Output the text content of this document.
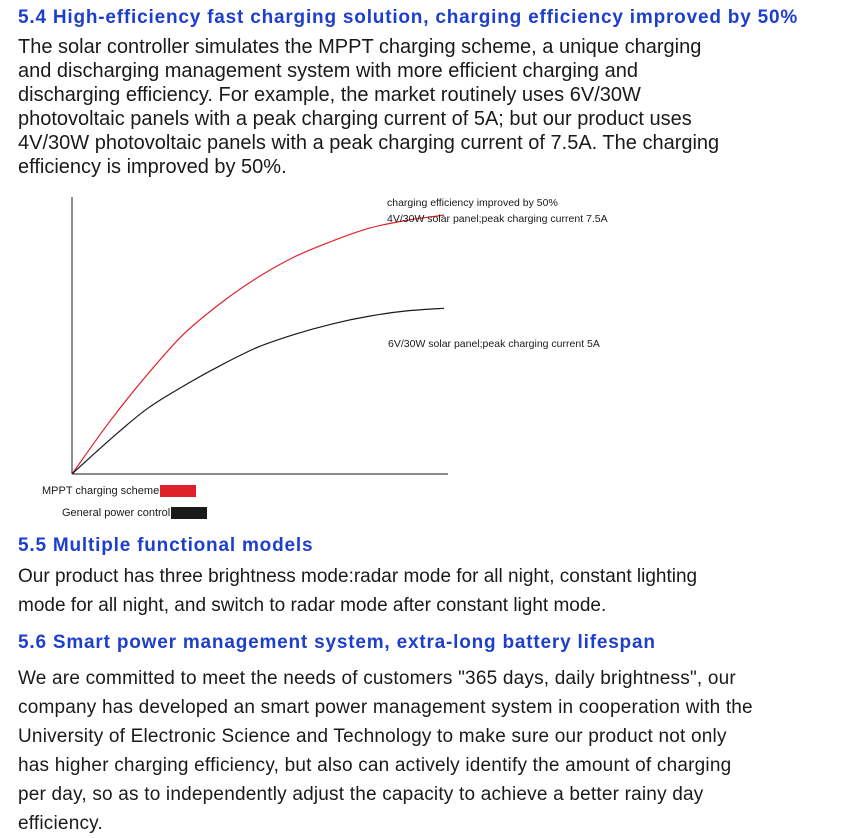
5.4 High-efficiency fast charging solution, charging efficiency improved by 50%

The solar controller simulates the MPPT charging scheme, a unique charging
and discharging management system with more efficient charging and
discharging efficiency. For example, the market routinely uses 6V/30W
photovoltaic panels with a peak charging current of 5A; but our product uses
4V/30W photovoltaic panels with a peak charging current of 7.5A. The charging
efficiency is improved by 50%.

charging efficiency improved by 50%
4V/30W solar panel;peak charging current 7.5A
6V/30W solar panel;peak charging current 5A
MPPT charging scheme
General power control
5.5 Multiple functional models

Our product has three brightness mode:radar mode for all night, constant lighting
mode for all night, and switch to radar mode after constant light mode.

5.6 Smart power management system, extra-long battery lifespan

We are committed to meet the needs of customers "365 days, daily brightness", our
company has developed an smart power management system in cooperation with the
University of Electronic Science and Technology to make sure our product not only
has higher charging efficiency, but also can actively identify the amount of charging
per day, so as to independently adjust the capacity to achieve a better rainy day
efficiency.
